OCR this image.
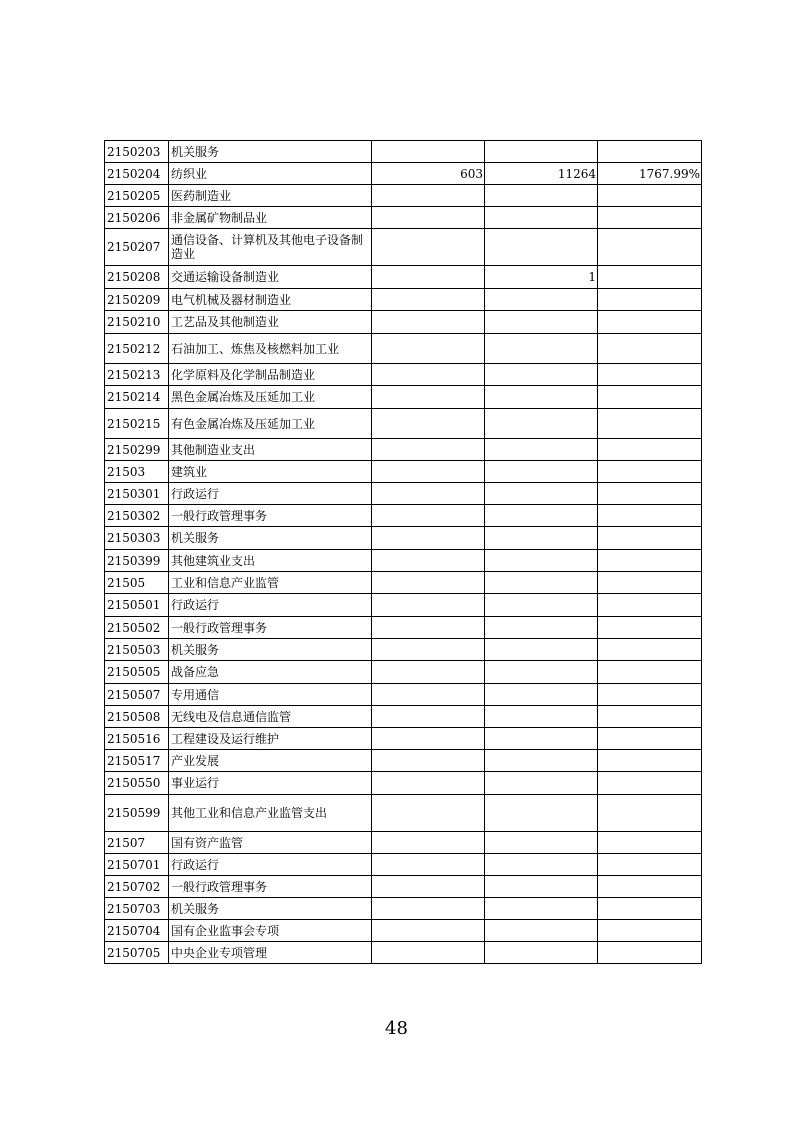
2150203	机关服务			
2150204	纺织业	603	11264	1767.99%
2150205	医药制造业			
2150206	非金属矿物制品业			
2150207	通信设备、计算机及其他电子设备制造业			
2150208	交通运输设备制造业		1	
2150209	电气机械及器材制造业			
2150210	工艺品及其他制造业			
2150212	石油加工、炼焦及核燃料加工业			
2150213	化学原料及化学制品制造业			
2150214	黑色金属冶炼及压延加工业			
2150215	有色金属冶炼及压延加工业			
2150299	其他制造业支出			
21503	建筑业			
2150301	行政运行			
2150302	一般行政管理事务			
2150303	机关服务			
2150399	其他建筑业支出			
21505	工业和信息产业监管			
2150501	行政运行			
2150502	一般行政管理事务			
2150503	机关服务			
2150505	战备应急			
2150507	专用通信			
2150508	无线电及信息通信监管			
2150516	工程建设及运行维护			
2150517	产业发展			
2150550	事业运行			
2150599	其他工业和信息产业监管支出			
21507	国有资产监管			
2150701	行政运行			
2150702	一般行政管理事务			
2150703	机关服务			
2150704	国有企业监事会专项			
2150705	中央企业专项管理			
48
